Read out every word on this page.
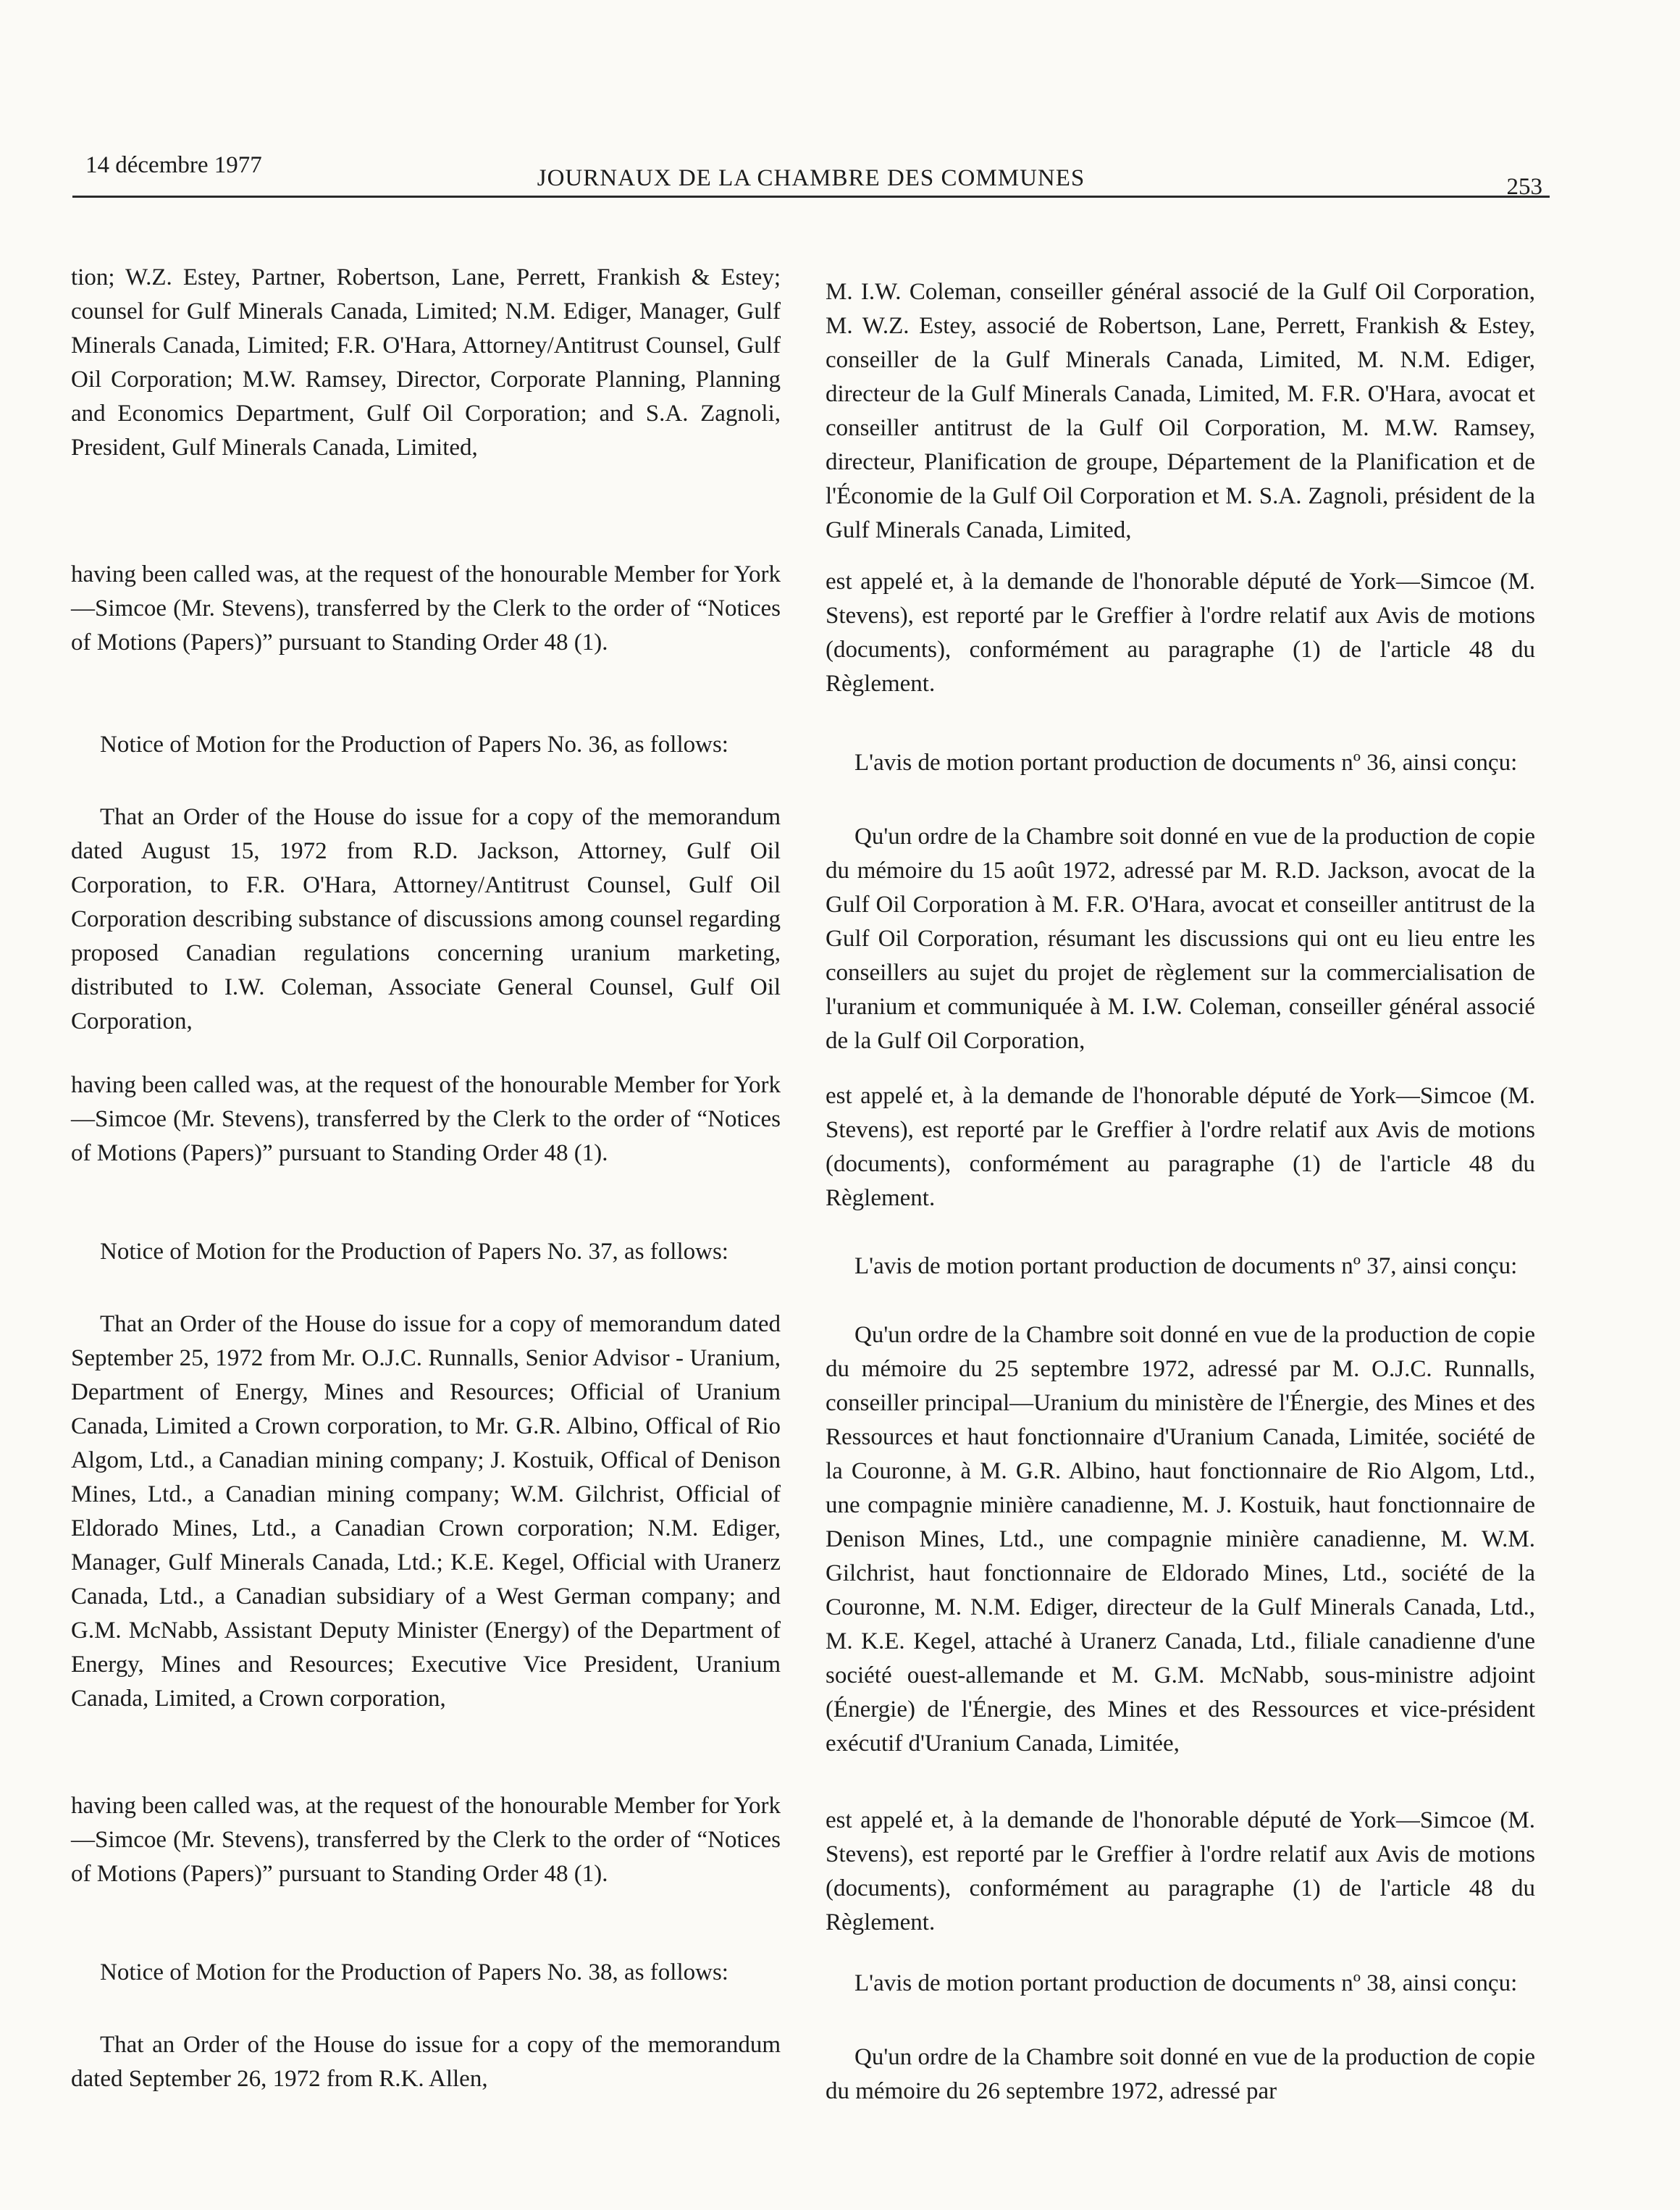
14 décembre 1977	JOURNAUX DE LA CHAMBRE DES COMMUNES	253

tion; W.Z. Estey, Partner, Robertson, Lane, Perrett, Frankish & Estey; counsel for Gulf Minerals Canada, Limited; N.M. Ediger, Manager, Gulf Minerals Canada, Limited; F.R. O'Hara, Attorney/Antitrust Counsel, Gulf Oil Corporation; M.W. Ramsey, Director, Corporate Planning, Planning and Economics Department, Gulf Oil Corporation; and S.A. Zagnoli, President, Gulf Minerals Canada, Limited,

having been called was, at the request of the honourable Member for York—Simcoe (Mr. Stevens), transferred by the Clerk to the order of “Notices of Motions (Papers)” pursuant to Standing Order 48 (1).

Notice of Motion for the Production of Papers No. 36, as follows:

That an Order of the House do issue for a copy of the memorandum dated August 15, 1972 from R.D. Jackson, Attorney, Gulf Oil Corporation, to F.R. O'Hara, Attorney/Antitrust Counsel, Gulf Oil Corporation describing substance of discussions among counsel regarding proposed Canadian regulations concerning uranium marketing, distributed to I.W. Coleman, Associate General Counsel, Gulf Oil Corporation,

having been called was, at the request of the honourable Member for York—Simcoe (Mr. Stevens), transferred by the Clerk to the order of “Notices of Motions (Papers)” pursuant to Standing Order 48 (1).

Notice of Motion for the Production of Papers No. 37, as follows:

That an Order of the House do issue for a copy of memorandum dated September 25, 1972 from Mr. O.J.C. Runnalls, Senior Advisor - Uranium, Department of Energy, Mines and Resources; Official of Uranium Canada, Limited a Crown corporation, to Mr. G.R. Albino, Offical of Rio Algom, Ltd., a Canadian mining company; J. Kostuik, Offical of Denison Mines, Ltd., a Canadian mining company; W.M. Gilchrist, Official of Eldorado Mines, Ltd., a Canadian Crown corporation; N.M. Ediger, Manager, Gulf Minerals Canada, Ltd.; K.E. Kegel, Official with Uranerz Canada, Ltd., a Canadian subsidiary of a West German company; and G.M. McNabb, Assistant Deputy Minister (Energy) of the Department of Energy, Mines and Resources; Executive Vice President, Uranium Canada, Limited, a Crown corporation,

having been called was, at the request of the honourable Member for York—Simcoe (Mr. Stevens), transferred by the Clerk to the order of “Notices of Motions (Papers)” pursuant to Standing Order 48 (1).

Notice of Motion for the Production of Papers No. 38, as follows:

That an Order of the House do issue for a copy of the memorandum dated September 26, 1972 from R.K. Allen,

M. I.W. Coleman, conseiller général associé de la Gulf Oil Corporation, M. W.Z. Estey, associé de Robertson, Lane, Perrett, Frankish & Estey, conseiller de la Gulf Minerals Canada, Limited, M. N.M. Ediger, directeur de la Gulf Minerals Canada, Limited, M. F.R. O'Hara, avocat et conseiller antitrust de la Gulf Oil Corporation, M. M.W. Ramsey, directeur, Planification de groupe, Département de la Planification et de l'Économie de la Gulf Oil Corporation et M. S.A. Zagnoli, président de la Gulf Minerals Canada, Limited,

est appelé et, à la demande de l'honorable député de York—Simcoe (M. Stevens), est reporté par le Greffier à l'ordre relatif aux Avis de motions (documents), conformément au paragraphe (1) de l'article 48 du Règlement.

L'avis de motion portant production de documents nº 36, ainsi conçu:

Qu'un ordre de la Chambre soit donné en vue de la production de copie du mémoire du 15 août 1972, adressé par M. R.D. Jackson, avocat de la Gulf Oil Corporation à M. F.R. O'Hara, avocat et conseiller antitrust de la Gulf Oil Corporation, résumant les discussions qui ont eu lieu entre les conseillers au sujet du projet de règlement sur la commercialisation de l'uranium et communiquée à M. I.W. Coleman, conseiller général associé de la Gulf Oil Corporation,

est appelé et, à la demande de l'honorable député de York—Simcoe (M. Stevens), est reporté par le Greffier à l'ordre relatif aux Avis de motions (documents), conformément au paragraphe (1) de l'article 48 du Règlement.

L'avis de motion portant production de documents nº 37, ainsi conçu:

Qu'un ordre de la Chambre soit donné en vue de la production de copie du mémoire du 25 septembre 1972, adressé par M. O.J.C. Runnalls, conseiller principal—Uranium du ministère de l'Énergie, des Mines et des Ressources et haut fonctionnaire d'Uranium Canada, Limitée, société de la Couronne, à M. G.R. Albino, haut fonctionnaire de Rio Algom, Ltd., une compagnie minière canadienne, M. J. Kostuik, haut fonctionnaire de Denison Mines, Ltd., une compagnie minière canadienne, M. W.M. Gilchrist, haut fonctionnaire de Eldorado Mines, Ltd., société de la Couronne, M. N.M. Ediger, directeur de la Gulf Minerals Canada, Ltd., M. K.E. Kegel, attaché à Uranerz Canada, Ltd., filiale canadienne d'une société ouest-allemande et M. G.M. McNabb, sous-ministre adjoint (Énergie) de l'Énergie, des Mines et des Ressources et vice-président exécutif d'Uranium Canada, Limitée,

est appelé et, à la demande de l'honorable député de York—Simcoe (M. Stevens), est reporté par le Greffier à l'ordre relatif aux Avis de motions (documents), conformément au paragraphe (1) de l'article 48 du Règlement.

L'avis de motion portant production de documents nº 38, ainsi conçu:

Qu'un ordre de la Chambre soit donné en vue de la production de copie du mémoire du 26 septembre 1972, adressé par
